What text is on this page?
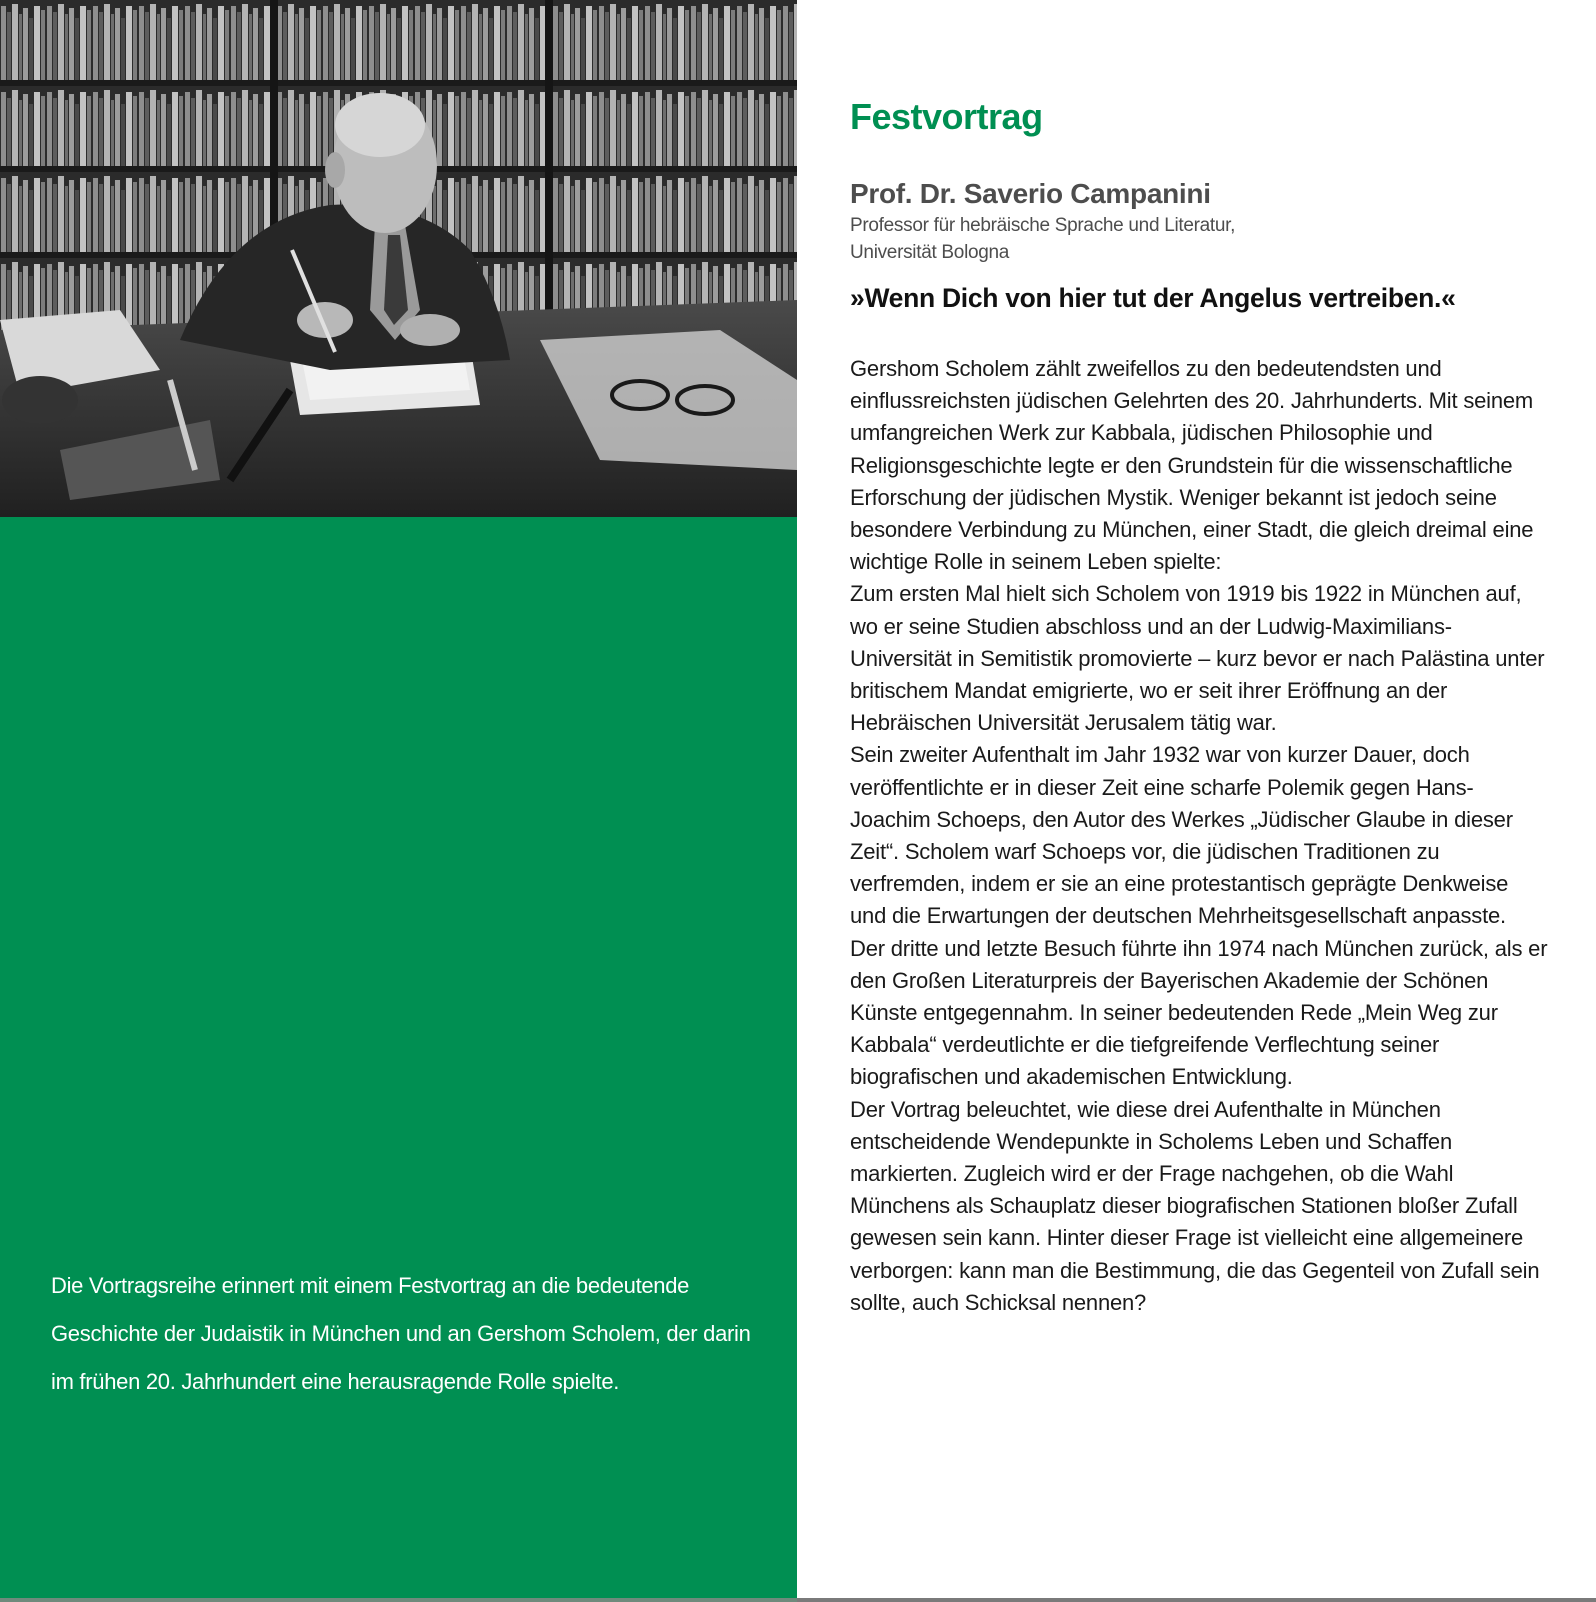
Die Vortragsreihe erinnert mit einem Festvortrag an die bedeutende Geschichte der Judaistik in München und an Gershom Scholem, der darin im frühen 20. Jahrhundert eine herausragende Rolle spielte.

Festvortrag
Prof. Dr. Saverio Campanini

Professor für hebräische Sprache und Literatur,
Universität Bologna

»Wenn Dich von hier tut der Angelus vertreiben.«

Gershom Scholem zählt zweifellos zu den bedeutendsten und einflussreichsten jüdischen Gelehrten des 20. Jahrhunderts. Mit seinem umfangreichen Werk zur Kabbala, jüdischen Philosophie und Religionsgeschichte legte er den Grundstein für die wissenschaftliche Erforschung der jüdischen Mystik. Weniger bekannt ist jedoch seine besondere Verbindung zu München, einer Stadt, die gleich dreimal eine wichtige Rolle in seinem Leben spielte:

Zum ersten Mal hielt sich Scholem von 1919 bis 1922 in München auf, wo er seine Studien abschloss und an der Ludwig-Maximilians-Universität in Semitistik promovierte – kurz bevor er nach Palästina unter britischem Mandat emigrierte, wo er seit ihrer Eröffnung an der Hebräischen Universität Jerusalem tätig war.

Sein zweiter Aufenthalt im Jahr 1932 war von kurzer Dauer, doch veröffentlichte er in dieser Zeit eine scharfe Polemik gegen Hans-Joachim Schoeps, den Autor des Werkes „Jüdischer Glaube in dieser Zeit“. Scholem warf Schoeps vor, die jüdischen Traditionen zu verfremden, indem er sie an eine protestantisch geprägte Denkweise und die Erwartungen der deutschen Mehrheitsgesellschaft anpasste.

Der dritte und letzte Besuch führte ihn 1974 nach München zurück, als er den Großen Literaturpreis der Bayerischen Akademie der Schönen Künste entgegennahm. In seiner bedeutenden Rede „Mein Weg zur Kabbala“ verdeutlichte er die tiefgreifende Verflechtung seiner biografischen und akademischen Entwicklung.

Der Vortrag beleuchtet, wie diese drei Aufenthalte in München entscheidende Wendepunkte in Scholems Leben und Schaffen markierten. Zugleich wird er der Frage nachgehen, ob die Wahl Münchens als Schauplatz dieser biografischen Stationen bloßer Zufall gewesen sein kann. Hinter dieser Frage ist vielleicht eine allgemeinere verborgen: kann man die Bestimmung, die das Gegenteil von Zufall sein sollte, auch Schicksal nennen?
